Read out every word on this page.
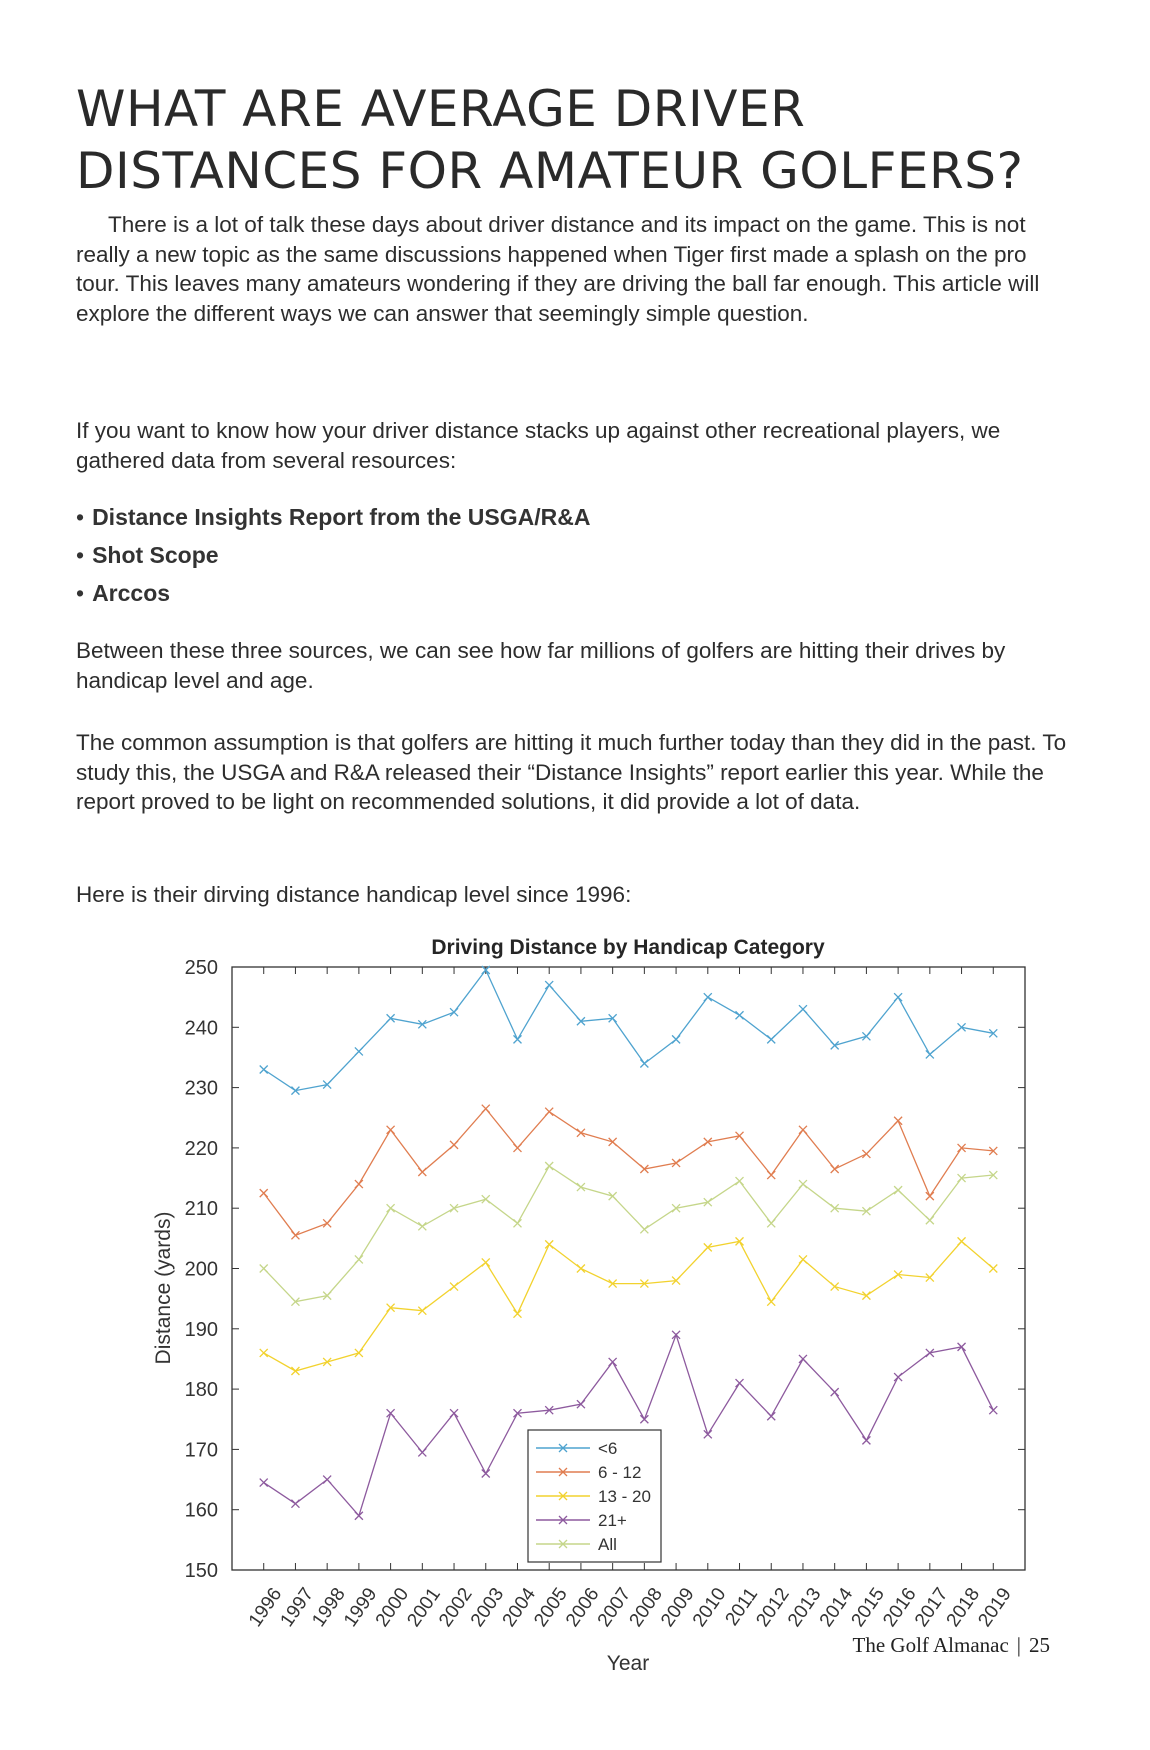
WHAT ARE AVERAGE DRIVER DISTANCES FOR AMATEUR GOLFERS?

There is a lot of talk these days about driver distance and its impact on the game. This is not really a new topic as the same discussions happened when Tiger first made a splash on the pro tour. This leaves many amateurs wondering if they are driving the ball far enough. This article will explore the different ways we can answer that seemingly simple question.

If you want to know how your driver distance stacks up against other recreational players, we gathered data from several resources:

• Distance Insights Report from the USGA/R&A
• Shot Scope
• Arccos

Between these three sources, we can see how far millions of golfers are hitting their drives by handicap level and age.

The common assumption is that golfers are hitting it much further today than they did in the past. To study this, the USGA and R&A released their “Distance Insights” report earlier this year. While the report proved to be light on recommended solutions, it did provide a lot of data.

Here is their dirving distance handicap level since 1996:

Driving Distance by Handicap Category
Distance (yards)
Year
150
160
170
180
190
200
210
220
230
240
250
1996
1997
1998
1999
2000
2001
2002
2003
2004
2005
2006
2007
2008
2009
2010
2011
2012
2013
2014
2015
2016
2017
2018
2019
<6
6 - 12
13 - 20
21+
All
The Golf Almanac | 25
